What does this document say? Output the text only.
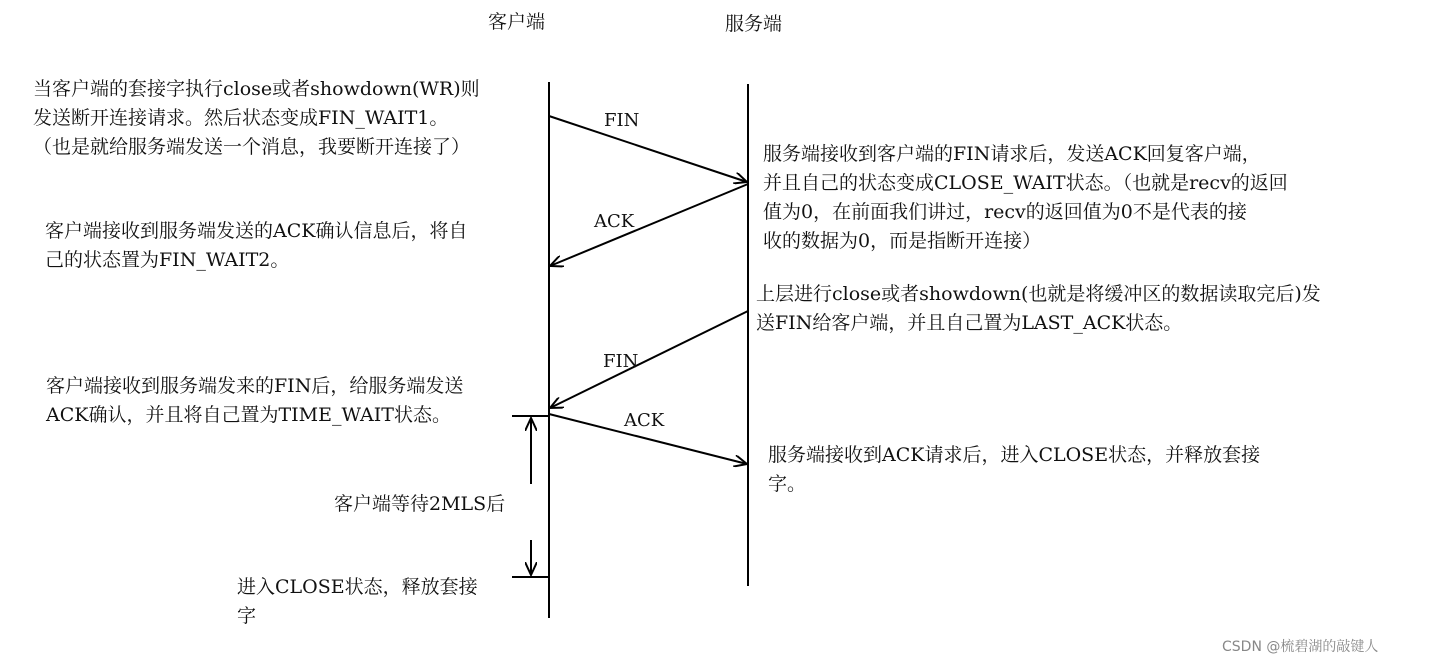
客户端	服务端
FIN
ACK
FIN
ACK
当客户端的套接字执行close或者showdown(WR)则
发送断开连接请求。然后状态变成FIN_WAIT1。
（也是就给服务端发送一个消息，我要断开连接了）	服务端接收到客户端的FIN请求后，发送ACK回复客户端，
并且自己的状态变成CLOSE_WAIT状态。（也就是recv的返回
值为0，在前面我们讲过，recv的返回值为0不是代表的接
收的数据为0，而是指断开连接）
客户端接收到服务端发送的ACK确认信息后，将自
己的状态置为FIN_WAIT2。
上层进行close或者showdown(也就是将缓冲区的数据读取完后)发
送FIN给客户端，并且自己置为LAST_ACK状态。
客户端接收到服务端发来的FIN后，给服务端发送
ACK确认，并且将自己置为TIME_WAIT状态。
服务端接收到ACK请求后，进入CLOSE状态，并释放套接
字。
客户端等待2MLS后
进入CLOSE状态，释放套接
字
CSDN @梳碧湖的敲键人
